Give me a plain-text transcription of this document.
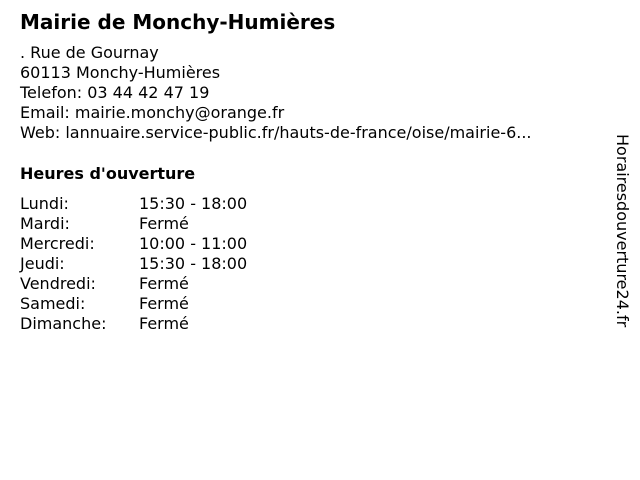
Mairie de Monchy-Humières
. Rue de Gournay
60113 Monchy-Humières
Telefon: 03 44 42 47 19
Email: mairie.monchy@orange.fr
Web: lannuaire.service-public.fr/hauts-de-france/oise/mairie-6...
Heures d'ouverture
Lundi:	15:30 - 18:00
Mardi:	Fermé
Mercredi:	10:00 - 11:00
Jeudi:	15:30 - 18:00
Vendredi:	Fermé
Samedi:	Fermé
Dimanche: Fermé	Horairesdouverture24.fr
